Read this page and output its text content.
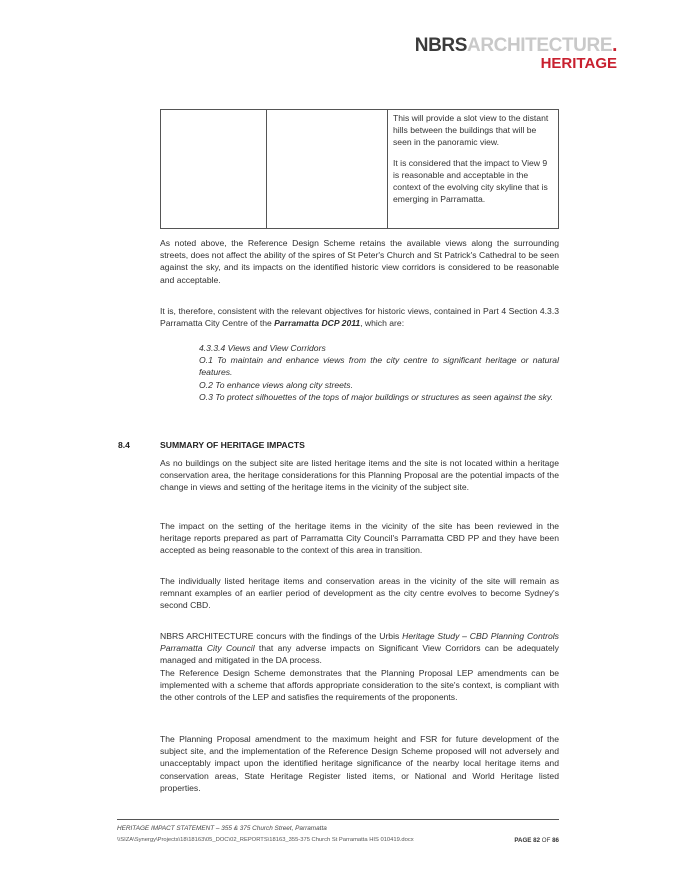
NBRSARCHITECTURE.
HERITAGE

This will provide a slot view to the distant hills between the buildings that will be seen in the panoramic view.

It is considered that the impact to View 9 is reasonable and acceptable in the context of the evolving city skyline that is emerging in Parramatta.

As noted above, the Reference Design Scheme retains the available views along the surrounding streets, does not affect the ability of the spires of St Peter's Church and St Patrick's Cathedral to be seen against the sky, and its impacts on the identified historic view corridors is considered to be reasonable and acceptable.

It is, therefore, consistent with the relevant objectives for historic views, contained in Part 4 Section 4.3.3 Parramatta City Centre of the Parramatta DCP 2011, which are:

4.3.3.4 Views and View Corridors

O.1 To maintain and enhance views from the city centre to significant heritage or natural features.

O.2 To enhance views along city streets.

O.3 To protect silhouettes of the tops of major buildings or structures as seen against the sky.

8.4	SUMMARY OF HERITAGE IMPACTS

As no buildings on the subject site are listed heritage items and the site is not located within a heritage conservation area, the heritage considerations for this Planning Proposal are the potential impacts of the change in views and setting of the heritage items in the vicinity of the subject site.

The impact on the setting of the heritage items in the vicinity of the site has been reviewed in the heritage reports prepared as part of Parramatta City Council's Parramatta CBD PP and they have been accepted as being reasonable to the context of this area in transition.

The individually listed heritage items and conservation areas in the vicinity of the site will remain as remnant examples of an earlier period of development as the city centre evolves to become Sydney's second CBD.

NBRS ARCHITECTURE concurs with the findings of the Urbis Heritage Study – CBD Planning Controls Parramatta City Council that any adverse impacts on Significant View Corridors can be adequately managed and mitigated in the DA process.

The Reference Design Scheme demonstrates that the Planning Proposal LEP amendments can be implemented with a scheme that affords appropriate consideration to the site's context, is compliant with the other controls of the LEP and satisfies the requirements of the proponents.

The Planning Proposal amendment to the maximum height and FSR for future development of the subject site, and the implementation of the Reference Design Scheme proposed will not adversely and unacceptably impact upon the identified heritage significance of the nearby local heritage items and conservation areas, State Heritage Register listed items, or National and World Heritage listed properties.

HERITAGE IMPACT STATEMENT – 355 & 375 Church Street, Parramatta
\\SIZA\Synergy\Projects\18\18163\05_DOC\02_REPORTS\18163_355-375 Church St Parramatta HIS 010419.docx	PAGE 82 OF 86
